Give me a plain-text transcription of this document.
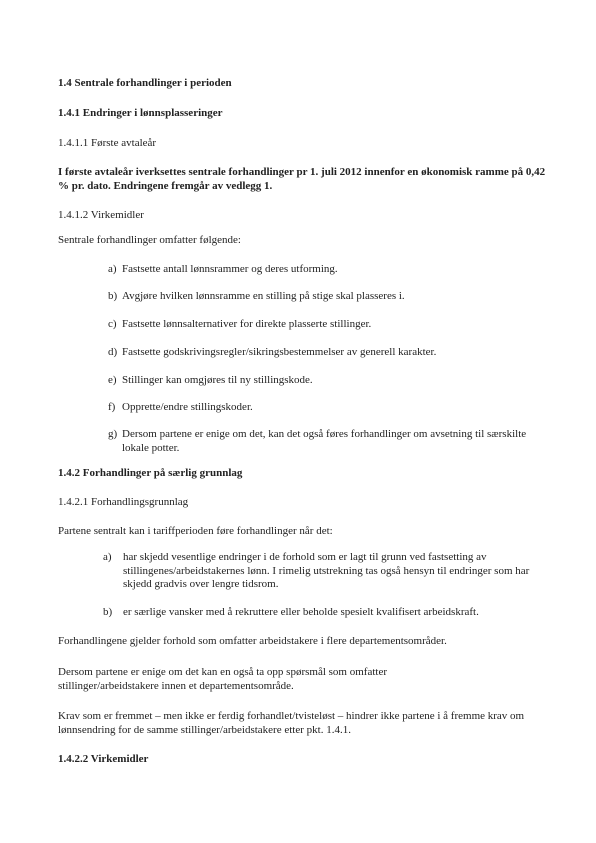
1.4 Sentrale forhandlinger i perioden

1.4.1 Endringer i lønnsplasseringer

1.4.1.1 Første avtaleår

I første avtaleår iverksettes sentrale forhandlinger pr 1. juli 2012 innenfor en økonomisk ramme på 0,42 % pr. dato. Endringene fremgår av vedlegg 1.

1.4.1.2 Virkemidler

Sentrale forhandlinger omfatter følgende:

a) Fastsette antall lønnsrammer og deres utforming.
b) Avgjøre hvilken lønnsramme en stilling på stige skal plasseres i.
c) Fastsette lønnsalternativer for direkte plasserte stillinger.
d) Fastsette godskrivingsregler/sikringsbestemmelser av generell karakter.
e) Stillinger kan omgjøres til ny stillingskode.
f) Opprette/endre stillingskoder.
g) Dersom partene er enige om det, kan det også føres forhandlinger om avsetning til særskilte lokale potter.

1.4.2 Forhandlinger på særlig grunnlag

1.4.2.1 Forhandlingsgrunnlag

Partene sentralt kan i tariffperioden føre forhandlinger når det:

a) har skjedd vesentlige endringer i de forhold som er lagt til grunn ved fastsetting av stillingenes/arbeidstakernes lønn. I rimelig utstrekning tas også hensyn til endringer som har skjedd gradvis over lengre tidsrom.
b) er særlige vansker med å rekruttere eller beholde spesielt kvalifisert arbeidskraft.

Forhandlingene gjelder forhold som omfatter arbeidstakere i flere departementsområder.

Dersom partene er enige om det kan en også ta opp spørsmål som omfatter stillinger/arbeidstakere innen et departementsområde.

Krav som er fremmet – men ikke er ferdig forhandlet/tvisteløst – hindrer ikke partene i å fremme krav om lønnsendring for de samme stillinger/arbeidstakere etter pkt. 1.4.1.

1.4.2.2 Virkemidler
